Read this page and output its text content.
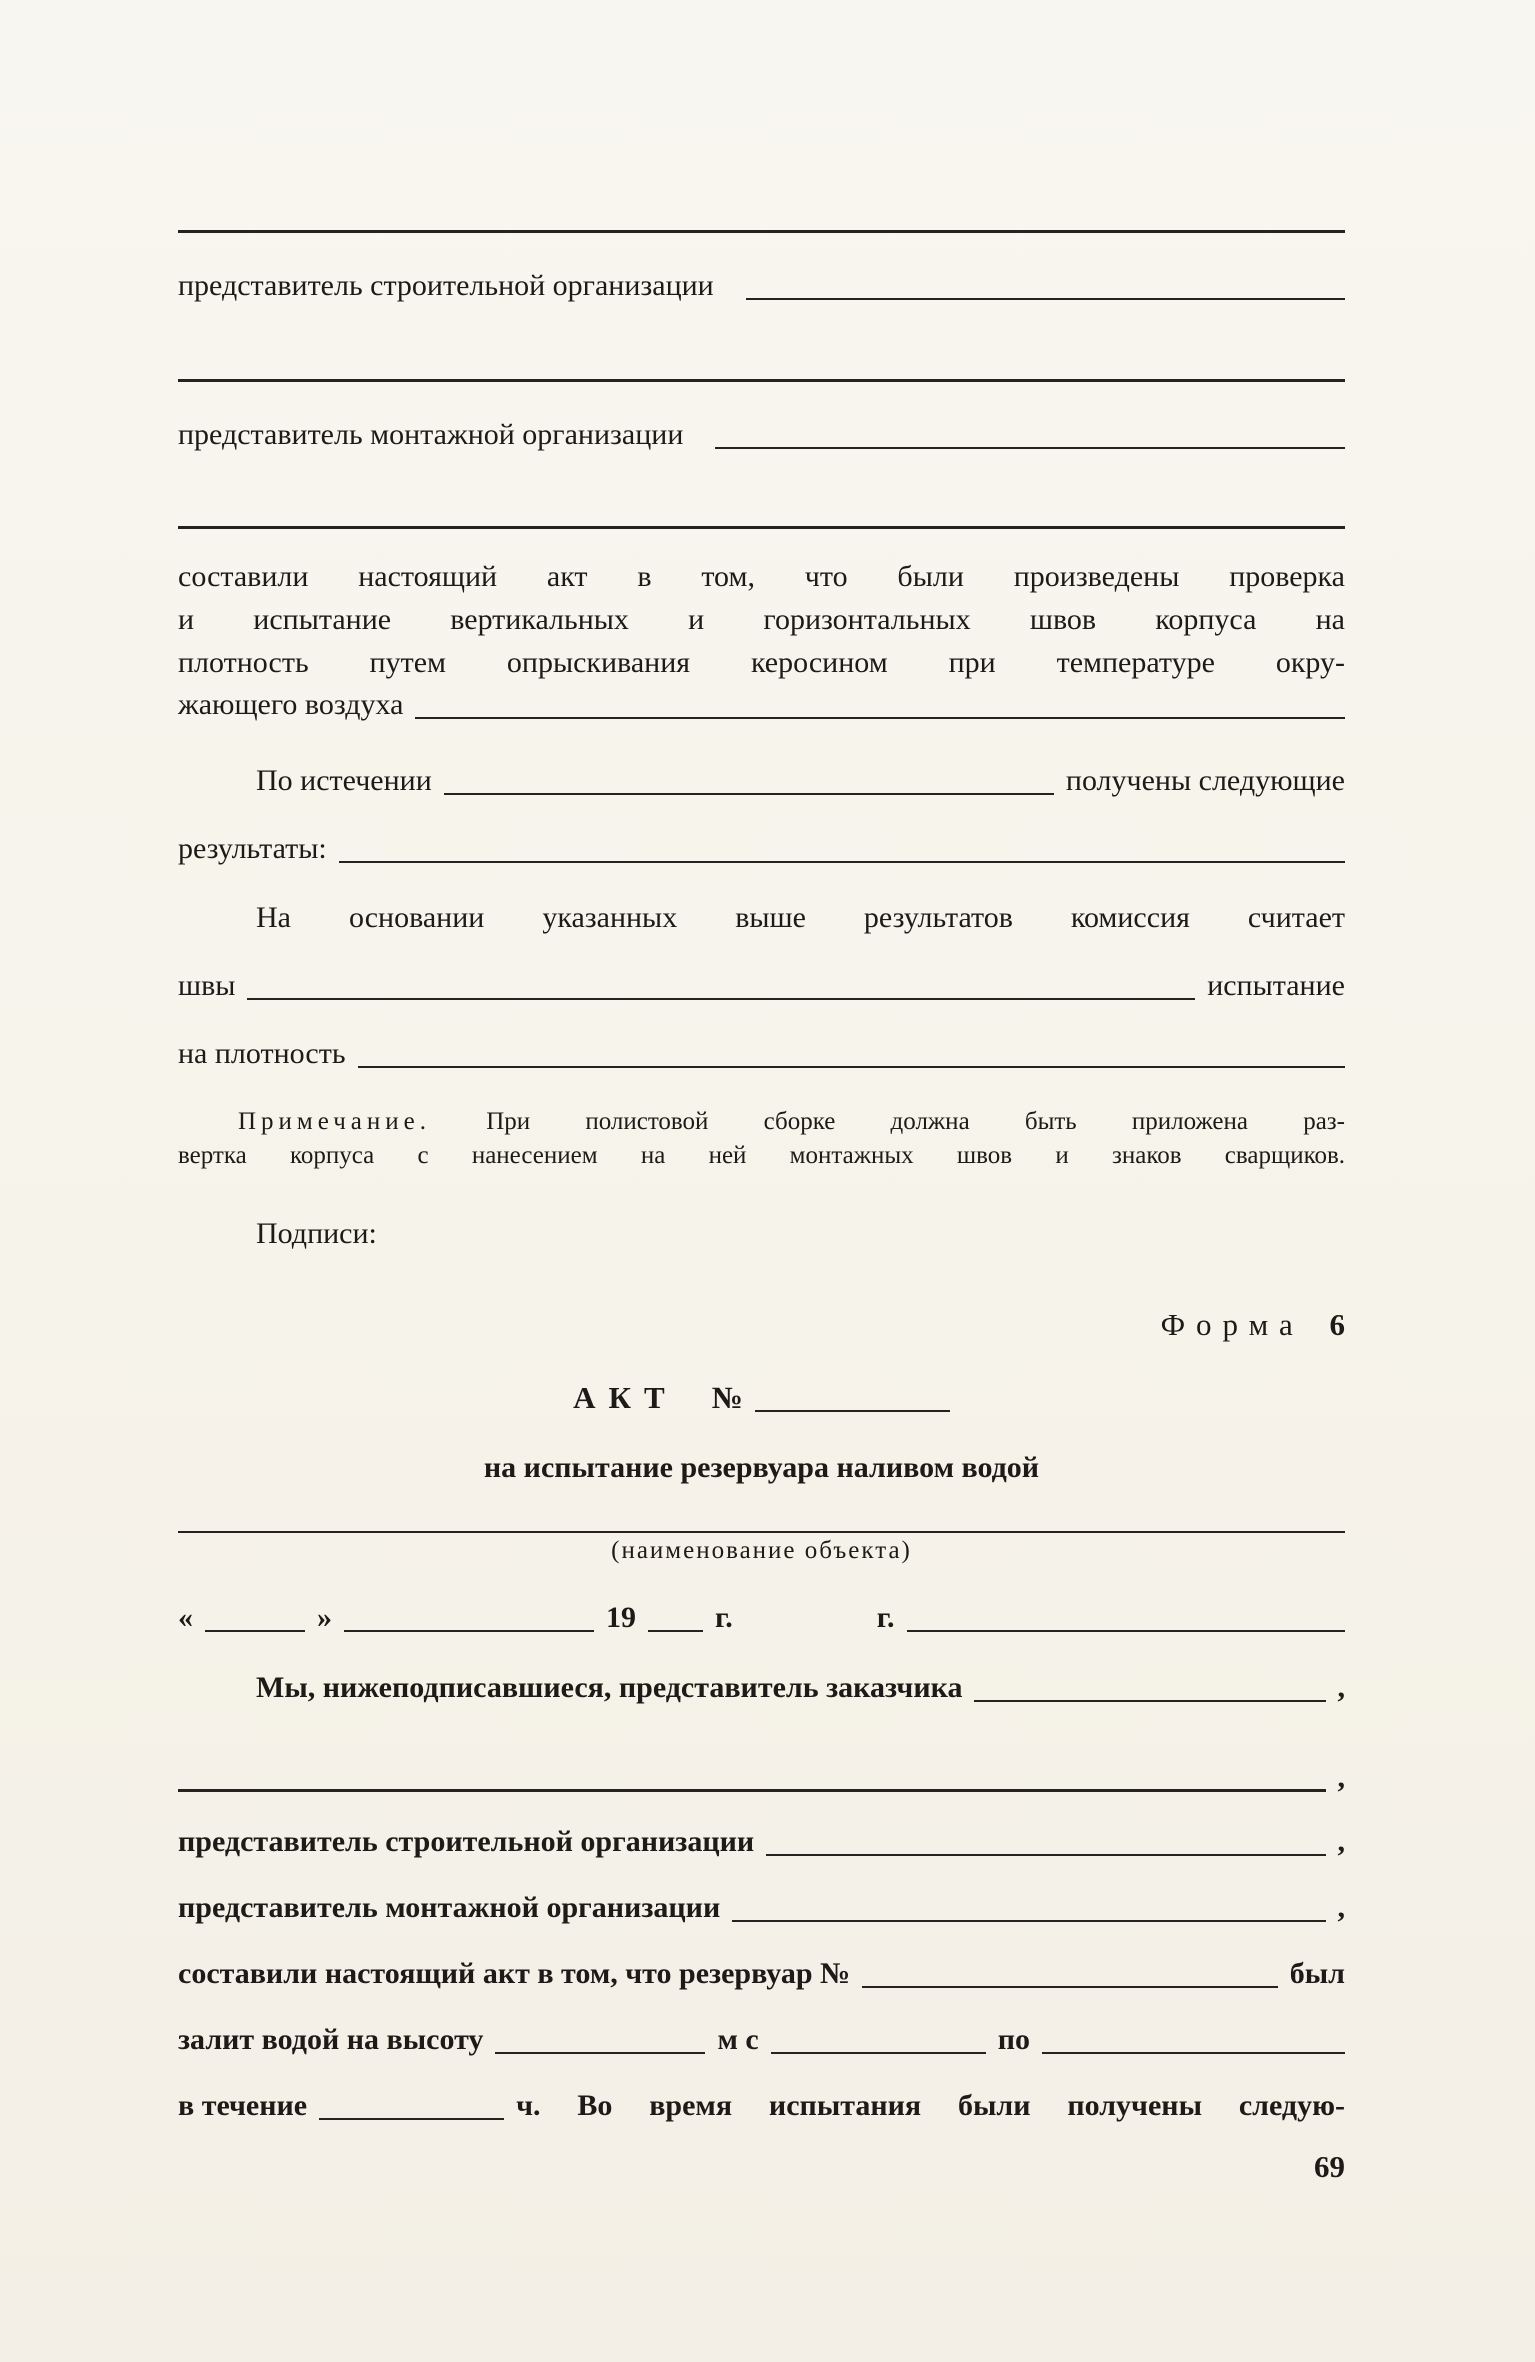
представитель строительной организации
представитель монтажной организации
составили настоящий акт в том, что были произведены проверка
и испытание вертикальных и горизонтальных швов корпуса на
плотность путем опрыскивания керосином при температуре окру-
жающего воздуха
По истечении	получены следующие
результаты:
На основании указанных выше результатов комиссия считает
швы	испытание
на плотность
Примечание. При полистовой сборке должна быть приложена раз-
вертка корпуса с нанесением на ней монтажных швов и знаков сварщиков.
Подписи:
Форма 6
АКТ №
на испытание резервуара наливом водой
(наименование объекта)
«	»	19	г.	г.
Мы, нижеподписавшиеся, представитель заказчика	,
,
представитель строительной организации	,
представитель монтажной организации	,
составили настоящий акт в том, что резервуар №	был
залит водой на высоту	м с	по
в течение	ч. Во время испытания были получены следую-
69
